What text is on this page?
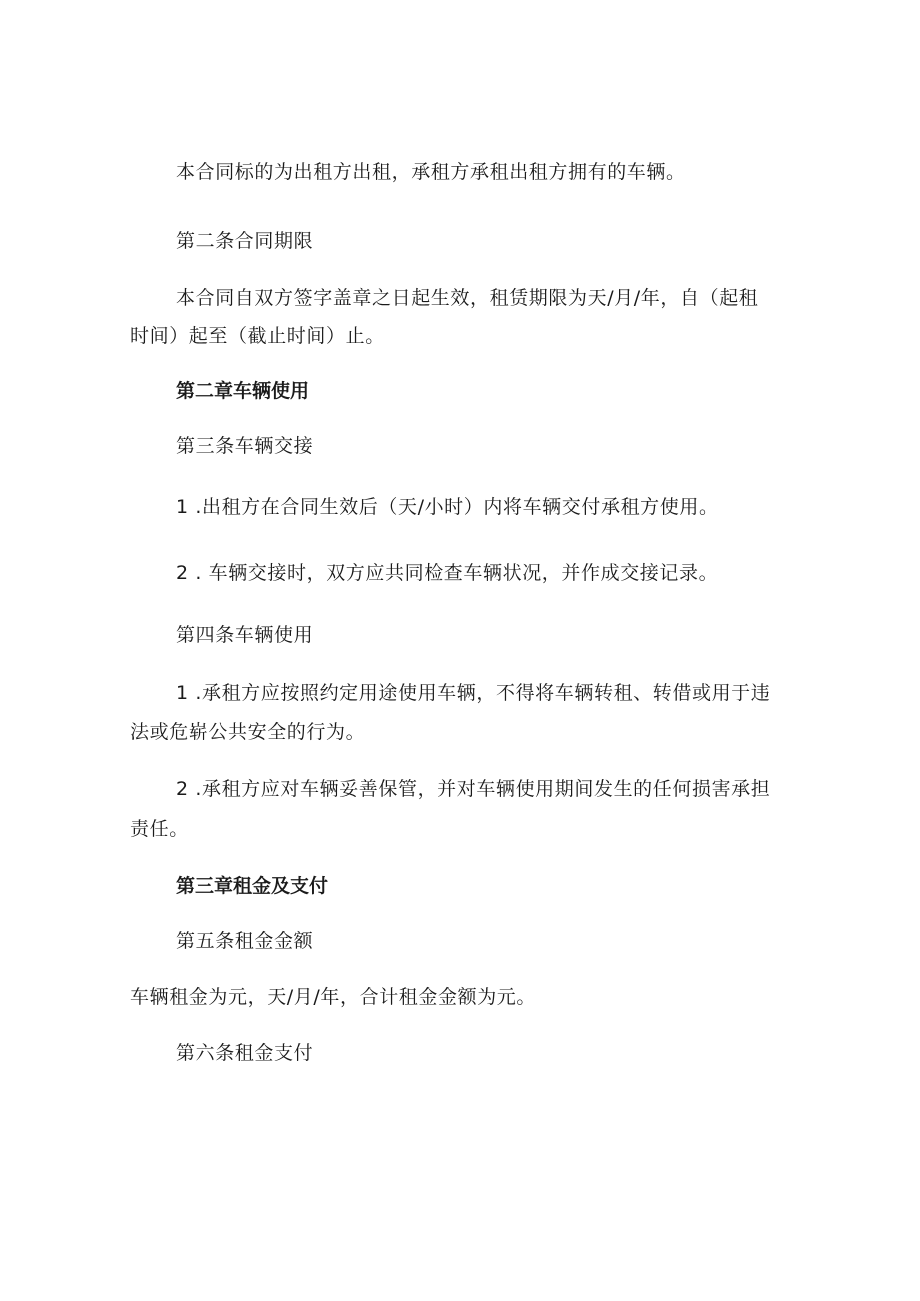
本合同标的为出租方出租，承租方承租出租方拥有的车辆。
第二条合同期限
本合同自双方签字盖章之日起生效，租赁期限为天/月/年，自（起租
时间）起至（截止时间）止。
第二章车辆使用
第三条车辆交接
1 .出租方在合同生效后（天/小时）内将车辆交付承租方使用。
2 . 车辆交接时，双方应共同检查车辆状况，并作成交接记录。
第四条车辆使用
1 .承租方应按照约定用途使用车辆，不得将车辆转租、转借或用于违
法或危崭公共安全的行为。
2 .承租方应对车辆妥善保管，并对车辆使用期间发生的任何损害承担
责任。
第三章租金及支付
第五条租金金额
车辆租金为元，天/月/年，合计租金金额为元。
第六条租金支付
